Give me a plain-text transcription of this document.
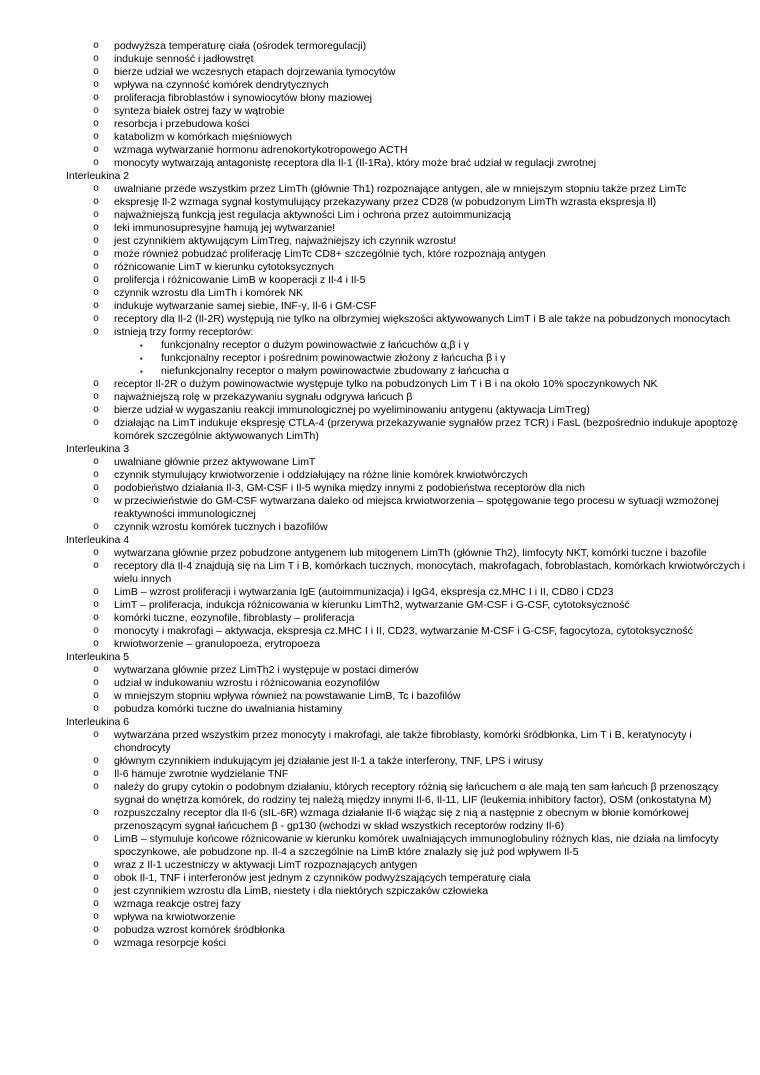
o	podwyższa temperaturę ciała (ośrodek termoregulacji)
o	indukuje senność i jadłowstręt
o	bierze udział we wczesnych etapach dojrzewania tymocytów
o	wpływa na czynność komórek dendrytycznych
o	proliferacja fibroblastów i synowiocytów błony maziowej
o	synteza białek ostrej fazy w wątrobie
o	resorbcja i przebudowa kości
o	katabolizm w komórkach mięśniowych
o	wzmaga wytwarzanie hormonu adrenokortykotropowego ACTH
o	monocyty wytwarzają antagonistę receptora dla Il-1 (Il-1Ra), który może brać udział w regulacji zwrotnej
Interleukina 2
o	uwalniane przede wszystkim przez LimTh (głównie Th1) rozpoznające antygen, ale w mniejszym stopniu także przez LimTc
o	ekspresję Il-2 wzmaga sygnał kostymulujący przekazywany przez CD28 (w pobudzonym LimTh wzrasta ekspresja Il)
o	najważniejszą funkcją jest regulacja aktywności Lim i ochrona przez autoimmunizacją
o	leki immunosupresyjne hamują jej wytwarzanie!
o	jest czynnikiem aktywującym LimTreg, najważniejszy ich czynnik wzrostu!
o	może również pobudzać proliferację LimTc CD8+ szczególnie tych, które rozpoznają antygen
o	różnicowanie LimT w kierunku cytotoksycznych
o	prolifercja i różnicowanie LimB w kooperacji z Il-4 i Il-5
o	czynnik wzrostu dla LimTh i komórek NK
o	indukuje wytwarzanie samej siebie, INF-γ, Il-6 i GM-CSF
o	receptory dla Il-2 (Il-2R) występują nie tylko na olbrzymiej większości aktywowanych LimT i B ale także na pobudzonych monocytach
o	istnieją trzy formy receptorów:
▪	funkcjonalny receptor o dużym powinowactwie z łańcuchów α,β i γ
▪	funkcjonalny receptor i pośrednim powinowactwie złożony z łańcucha β i γ
▪	niefunkcjonalny receptor o małym powinowactwie zbudowany z łańcucha α
o	receptor Il-2R o dużym powinowactwie występuje tylko na pobudzonych Lim T i B i na około 10% spoczynkowych NK
o	najważniejszą rolę w przekazywaniu sygnału odgrywa łańcuch β
o	bierze udział w wygaszaniu reakcji immunologicznej po wyeliminowaniu antygenu (aktywacja LimTreg)
o	działając na LimT indukuje ekspresję CTLA-4 (przerywa przekazywanie sygnałów przez TCR) i FasL (bezpośrednio indukuje apoptozę komórek szczególnie aktywowanych LimTh)
Interleukina 3
o	uwalniane głównie przez aktywowane LimT
o	czynnik stymulujący krwiotworzenie i oddziałujący na różne linie komórek krwiotwórczych
o	podobieństwo działania Il-3, GM-CSF i Il-5 wynika między innymi z podobieństwa receptorów dla nich
o	w przeciwieństwie do GM-CSF wytwarzana daleko od miejsca krwiotworzenia – spotęgowanie tego procesu w sytuacji wzmożonej reaktywności immunologicznej
o	czynnik wzrostu komórek tucznych i bazofilów
Interleukina 4
o	wytwarzana głównie przez pobudzone antygenem lub mitogenem LimTh (głównie Th2), limfocyty NKT, komórki tuczne i bazofile
o	receptory dla Il-4 znajdują się na Lim T i B, komórkach tucznych, monocytach, makrofagach, fobroblastach, komórkach krwiotwórczych i wielu innych
o	LimB – wzrost proliferacji i wytwarzania IgE (autoimmunizacja) i IgG4, ekspresja cz.MHC I i II, CD80 i CD23
o	LimT – proliferacja, indukcja różnicowania w kierunku LimTh2, wytwarzanie GM-CSF i G-CSF, cytotoksyczność
o	komórki tuczne, eozynofile, fibroblasty – proliferacja
o	monocyty i makrofagi – aktywacja, ekspresja cz.MHC I i II, CD23, wytwarzanie M-CSF i G-CSF, fagocytoza, cytotoksyczność
o	krwiotworzenie – granulopoeza, erytropoeza
Interleukina 5
o	wytwarzana głównie przez LimTh2 i występuje w postaci dimerów
o	udział w indukowaniu wzrostu i różnicowania eozynofilów
o	w mniejszym stopniu wpływa również na powstawanie LimB, Tc i bazofilów
o	pobudza komórki tuczne do uwalniania histaminy
Interleukina 6
o	wytwarzana przed wszystkim przez monocyty i makrofagi, ale także fibroblasty, komórki śródbłonka, Lim T i B, keratynocyty i chondrocyty
o	głównym czynnikiem indukującym jej działanie jest Il-1 a także interferony, TNF, LPS i wirusy
o	Il-6 hamuje zwrotnie wydzielanie TNF
o	należy do grupy cytokin o podobnym działaniu, których receptory różnią się łańcuchem α ale mają ten sam łańcuch β przenoszący sygnał do wnętrza komórek, do rodziny tej należą między innymi Il-6, Il-11, LIF (leukemia inhibitory factor), OSM (onkostatyna M)
o	rozpuszczalny receptor dla Il-6 (sIL-6R) wzmaga działanie Il-6 wiążąc się z nią a następnie z obecnym w błonie komórkowej przenoszącym sygnał łańcuchem β - gp130 (wchodzi w skład wszystkich receptorów rodziny Il-6)
o	LimB – stymuluje końcowe różnicowanie w kierunku komórek uwalniających immunoglobuliny różnych klas, nie działa na limfocyty spoczynkowe, ale pobudzone np. Il-4 a szczególnie na LimB które znalazły się już pod wpływem Il-5
o	wraz z Il-1 uczestniczy w aktywacji LimT rozpoznających antygen
o	obok Il-1, TNF i interferonów jest jednym z czynników podwyższających temperaturę ciała
o	jest czynnikiem wzrostu dla LimB, niestety i dla niektórych szpiczaków człowieka
o	wzmaga reakcje ostrej fazy
o	wpływa na krwiotworzenie
o	pobudza wzrost komórek śródbłonka
o	wzmaga resorpcje kości
